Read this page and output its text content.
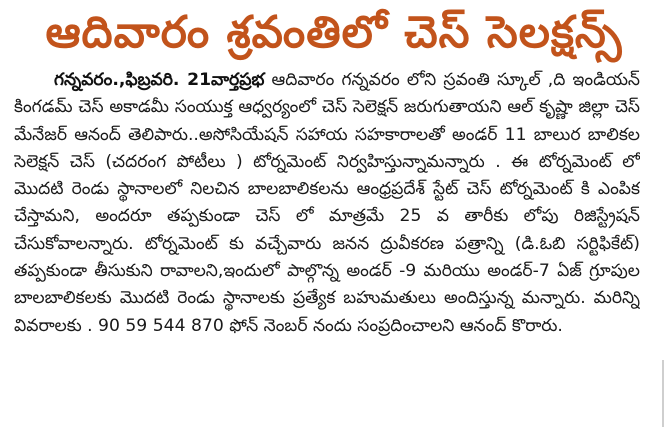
ఆదివారం శ్రవంతిలో చెస్ సెలక్షన్స్
గన్నవరం.,ఫిబ్రవరి. 21వార్తప్రభ ఆదివారం గన్నవరం లోని స్రవంతి స్కూల్ ,ది ఇండియన్ కింగడమ్ చెస్ అకాడమీ సంయుక్త ఆధ్వర్యంలో చెస్ సెలెక్షన్ జరుగుతాయని ఆల్ కృష్ణా జిల్లా చెస్ మేనేజర్ ఆనంద్ తెలిపారు..అసోసియేషన్ సహాయ సహకారాలతో అండర్ 11 బాలుర బాలికల సెలెక్షన్ చెస్ (చదరంగ పోటీలు ) టోర్నమెంట్ నిర్వహిస్తున్నామన్నారు . ఈ టోర్నమెంట్ లో మొదటి రెండు స్థానాలలో నిలచిన బాలబాలికలను ఆంధ్రప్రదేశ్ స్టేట్ చెస్ టోర్నమెంట్ కి ఎంపిక చేస్తామని, అందరూ తప్పకుండా చెస్ లో మాత్రమే 25 వ తారీకు లోపు రిజిస్ట్రేషన్ చేసుకోవాలన్నారు. టోర్నమెంట్ కు వచ్చేవారు జనన ద్రువీకరణ పత్రాన్ని (డి.ఓబి సర్టిఫికేట్) తప్పకుండా తీసుకుని రావాలని,ఇందులో పాల్గొన్న అండర్ -9 మరియు అండర్-7 ఏజ్ గ్రూపుల బాలబాలికలకు మొదటి రెండు స్థానాలకు ప్రత్యేక బహుమతులు అందిస్తున్న మన్నారు. మరిన్ని వివరాలకు . 90 59 544 870 ఫోన్ నెంబర్ నందు సంప్రదించాలని ఆనంద్ కొరారు.
